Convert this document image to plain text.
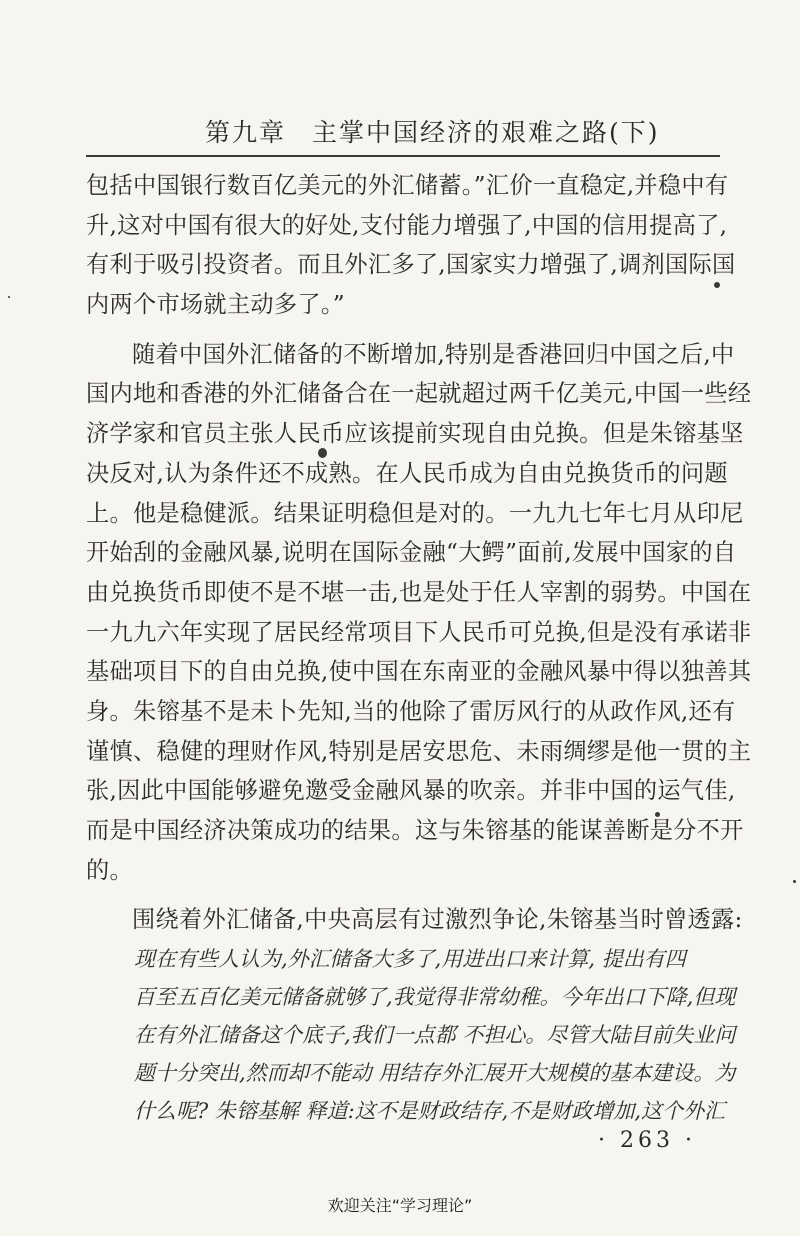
第九章 主掌中国经济的艰难之路(下)
包括中国银行数百亿美元的外汇储蓄。”汇价一直稳定,并稳中有
升,这对中国有很大的好处,支付能力增强了,中国的信用提高了,
有利于吸引投资者。而且外汇多了,国家实力增强了,调剂国际国
内两个市场就主动多了。”
随着中国外汇储备的不断增加,特别是香港回归中国之后,中
国内地和香港的外汇储备合在一起就超过两千亿美元,中国一些经
济学家和官员主张人民币应该提前实现自由兑换。但是朱镕基坚
决反对,认为条件还不成熟。在人民币成为自由兑换货币的问题
上。他是稳健派。结果证明稳但是对的。一九九七年七月从印尼
开始刮的金融风暴,说明在国际金融“大鳄”面前,发展中国家的自
由兑换货币即使不是不堪一击,也是处于任人宰割的弱势。中国在
一九九六年实现了居民经常项目下人民币可兑换,但是没有承诺非
基础项目下的自由兑换,使中国在东南亚的金融风暴中得以独善其
身。朱镕基不是未卜先知,当的他除了雷厉风行的从政作风,还有
谨慎、稳健的理财作风,特别是居安思危、未雨绸缪是他一贯的主
张,因此中国能够避免邀受金融风暴的吹亲。并非中国的运气佳,
而是中国经济决策成功的结果。这与朱镕基的能谋善断是分不开
的。
围绕着外汇储备,中央高层有过激烈争论,朱镕基当时曾透露:
现在有些人认为,外汇储备大多了,用进出口来计算, 提出有四
百至五百亿美元储备就够了,我觉得非常幼稚。今年出口下降,但现
在有外汇储备这个底子,我们一点都 不担心。尽管大陆目前失业问
题十分突出,然而却不能动 用结存外汇展开大规模的基本建设。为
什么呢? 朱镕基解 释道:这不是财政结存,不是财政增加,这个外汇
· 263 ·
欢迎关注“学习理论”
